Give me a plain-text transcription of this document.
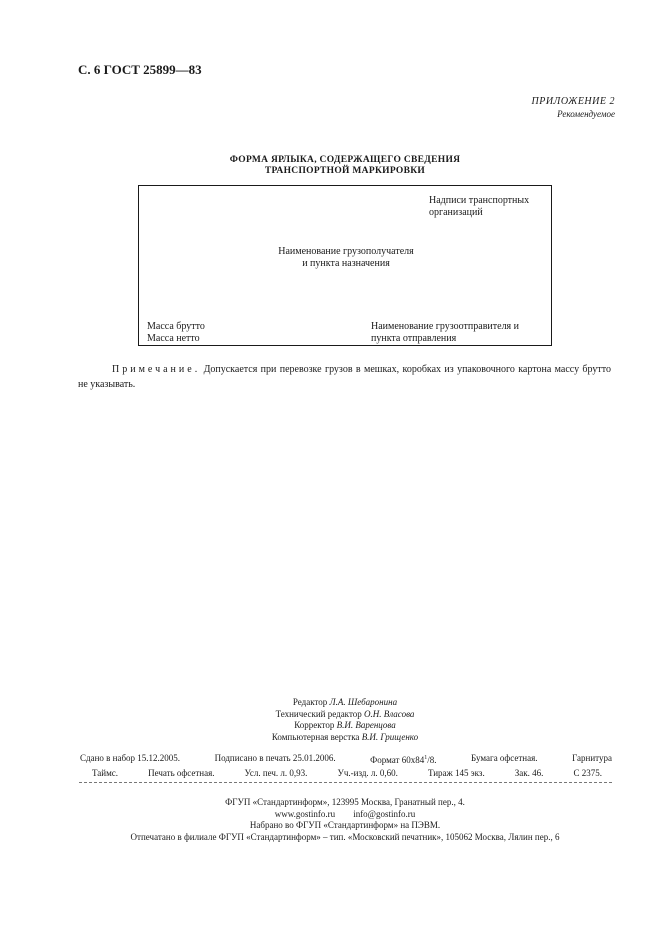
С. 6 ГОСТ 25899—83
ПРИЛОЖЕНИЕ 2
Рекомендуемое
ФОРМА ЯРЛЫКА, СОДЕРЖАЩЕГО СВЕДЕНИЯ
ТРАНСПОРТНОЙ МАРКИРОВКИ
Надписи транспортных
организаций
Наименование грузополучателя
и пункта назначения
Масса брутто
Масса нетто
Наименование грузоотправителя и
пункта отправления
Примечание. Допускается при перевозке грузов в мешках, коробках из упаковочного картона массу брутто не указывать.
Редактор Л.А. Шебаронина
Технический редактор О.Н. Власова
Корректор В.И. Варенцова
Компьютерная верстка В.И. Грищенко
Сдано в набор 15.12.2005.	Подписано в печать 25.01.2006.	Формат $60x84^1/8$.	Бумага офсетная.	Гарнитура
Таймс.	Печать офсетная.	Усл. печ. л. 0,93.	Уч.-изд. л. 0,60.	Тираж 145 экз.	Зак. 46.	С 2375.
ФГУП «Стандартинформ», 123995 Москва, Гранатный пер., 4.
www.gostinfo.ru info@gostinfo.ru
Набрано во ФГУП «Стандартинформ» на ПЭВМ.
Отпечатано в филиале ФГУП «Стандартинформ» – тип. «Московский печатник», 105062 Москва, Лялин пер., 6
